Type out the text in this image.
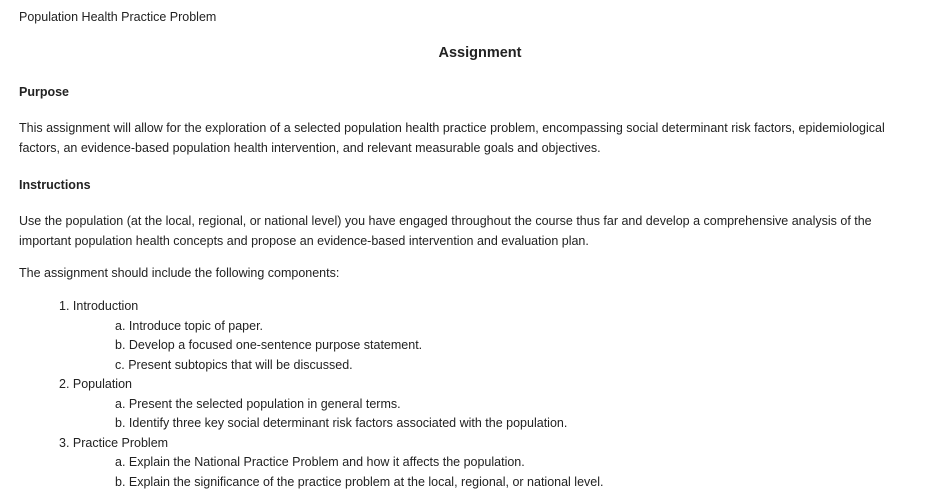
Population Health Practice Problem
Assignment
Purpose
This assignment will allow for the exploration of a selected population health practice problem, encompassing social determinant risk factors, epidemiological factors, an evidence-based population health intervention, and relevant measurable goals and objectives.
Instructions
Use the population (at the local, regional, or national level) you have engaged throughout the course thus far and develop a comprehensive analysis of the important population health concepts and propose an evidence-based intervention and evaluation plan.
The assignment should include the following components:
1. Introduction
a. Introduce topic of paper.
b. Develop a focused one-sentence purpose statement.
c. Present subtopics that will be discussed.
2. Population
a. Present the selected population in general terms.
b. Identify three key social determinant risk factors associated with the population.
3. Practice Problem
a. Explain the National Practice Problem and how it affects the population.
b. Explain the significance of the practice problem at the local, regional, or national level.
